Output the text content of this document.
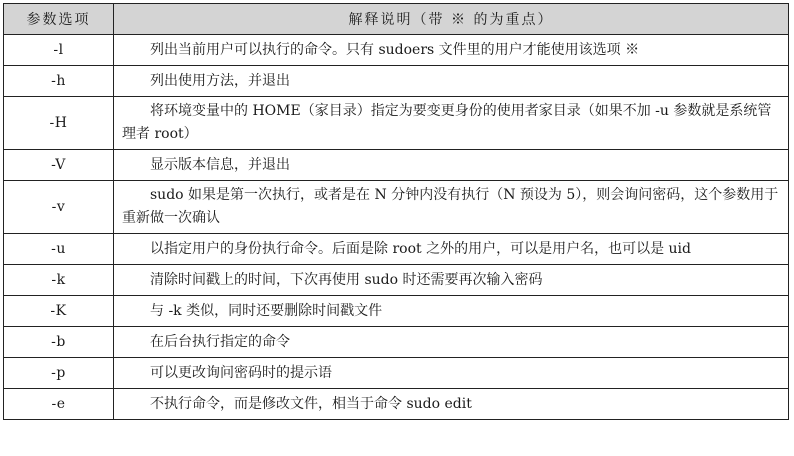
参数选项	解释说明（带 ※ 的为重点）
-l	列出当前用户可以执行的命令。只有 sudoers 文件里的用户才能使用该选项 ※
-h	列出使用方法，并退出
-H	将环境变量中的 HOME（家目录）指定为要变更身份的使用者家目录（如果不加 -u 参数就是系统管理者 root）
-V	显示版本信息，并退出
-v	sudo 如果是第一次执行，或者是在 N 分钟内没有执行（N 预设为 5），则会询问密码，这个参数用于重新做一次确认
-u	以指定用户的身份执行命令。后面是除 root 之外的用户，可以是用户名，也可以是 uid
-k	清除时间戳上的时间，下次再使用 sudo 时还需要再次输入密码
-K	与 -k 类似，同时还要删除时间戳文件
-b	在后台执行指定的命令
-p	可以更改询问密码时的提示语
-e	不执行命令，而是修改文件，相当于命令 sudo edit
